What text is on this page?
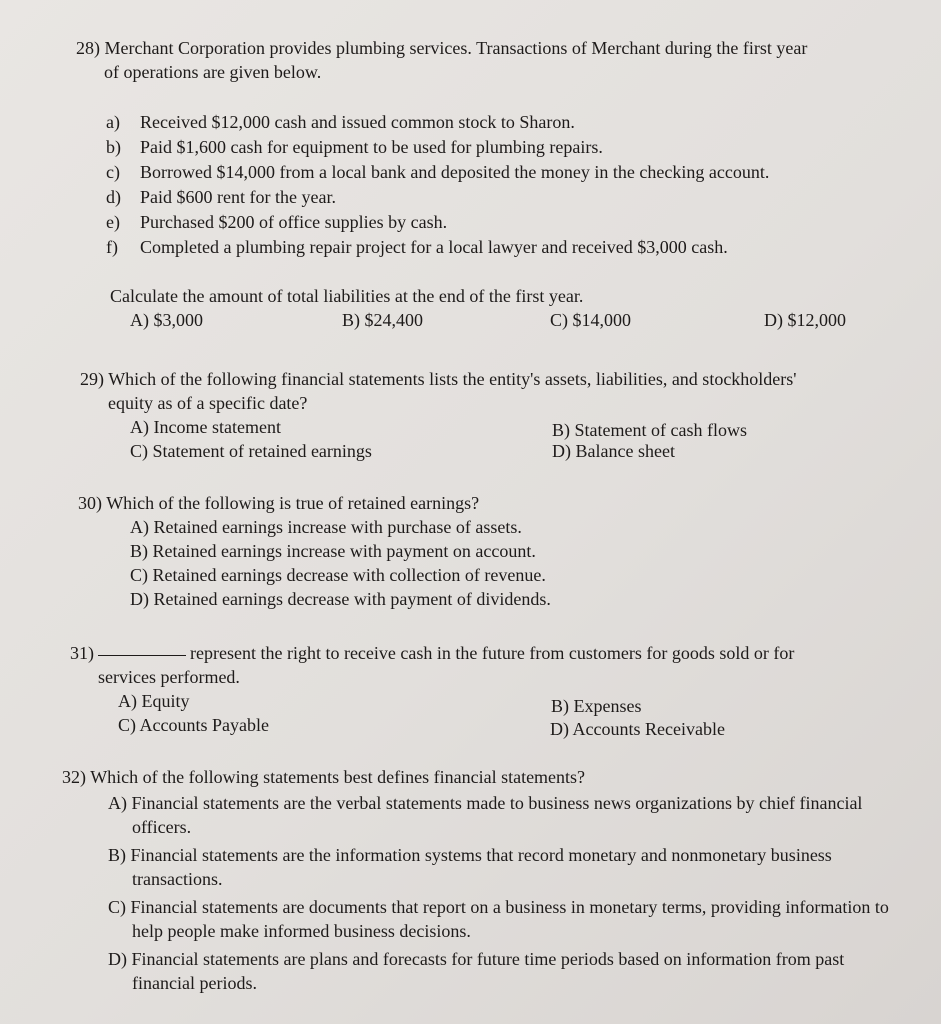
28) Merchant Corporation provides plumbing services. Transactions of Merchant during the first year
of operations are given below.

a)	Received $12,000 cash and issued common stock to Sharon.
b)	Paid $1,600 cash for equipment to be used for plumbing repairs.
c)	Borrowed $14,000 from a local bank and deposited the money in the checking account.
d)	Paid $600 rent for the year.
e)	Purchased $200 of office supplies by cash.
f)	Completed a plumbing repair project for a local lawyer and received $3,000 cash.

Calculate the amount of total liabilities at the end of the first year.

A) $3,000	B) $24,400	C) $14,000	D) $12,000

29) Which of the following financial statements lists the entity's assets, liabilities, and stockholders'
equity as of a specific date?

A) Income statement	B) Statement of cash flows
C) Statement of retained earnings	D) Balance sheet

30) Which of the following is true of retained earnings?

A) Retained earnings increase with purchase of assets.
B) Retained earnings increase with payment on account.
C) Retained earnings decrease with collection of revenue.
D) Retained earnings decrease with payment of dividends.

31)	represent the right to receive cash in the future from customers for goods sold or for
services performed.

A) Equity	B) Expenses
C) Accounts Payable	D) Accounts Receivable

32) Which of the following statements best defines financial statements?

A) Financial statements are the verbal statements made to business news organizations by chief financial officers.

B) Financial statements are the information systems that record monetary and nonmonetary business transactions.

C) Financial statements are documents that report on a business in monetary terms, providing information to help people make informed business decisions.

D) Financial statements are plans and forecasts for future time periods based on information from past financial periods.
